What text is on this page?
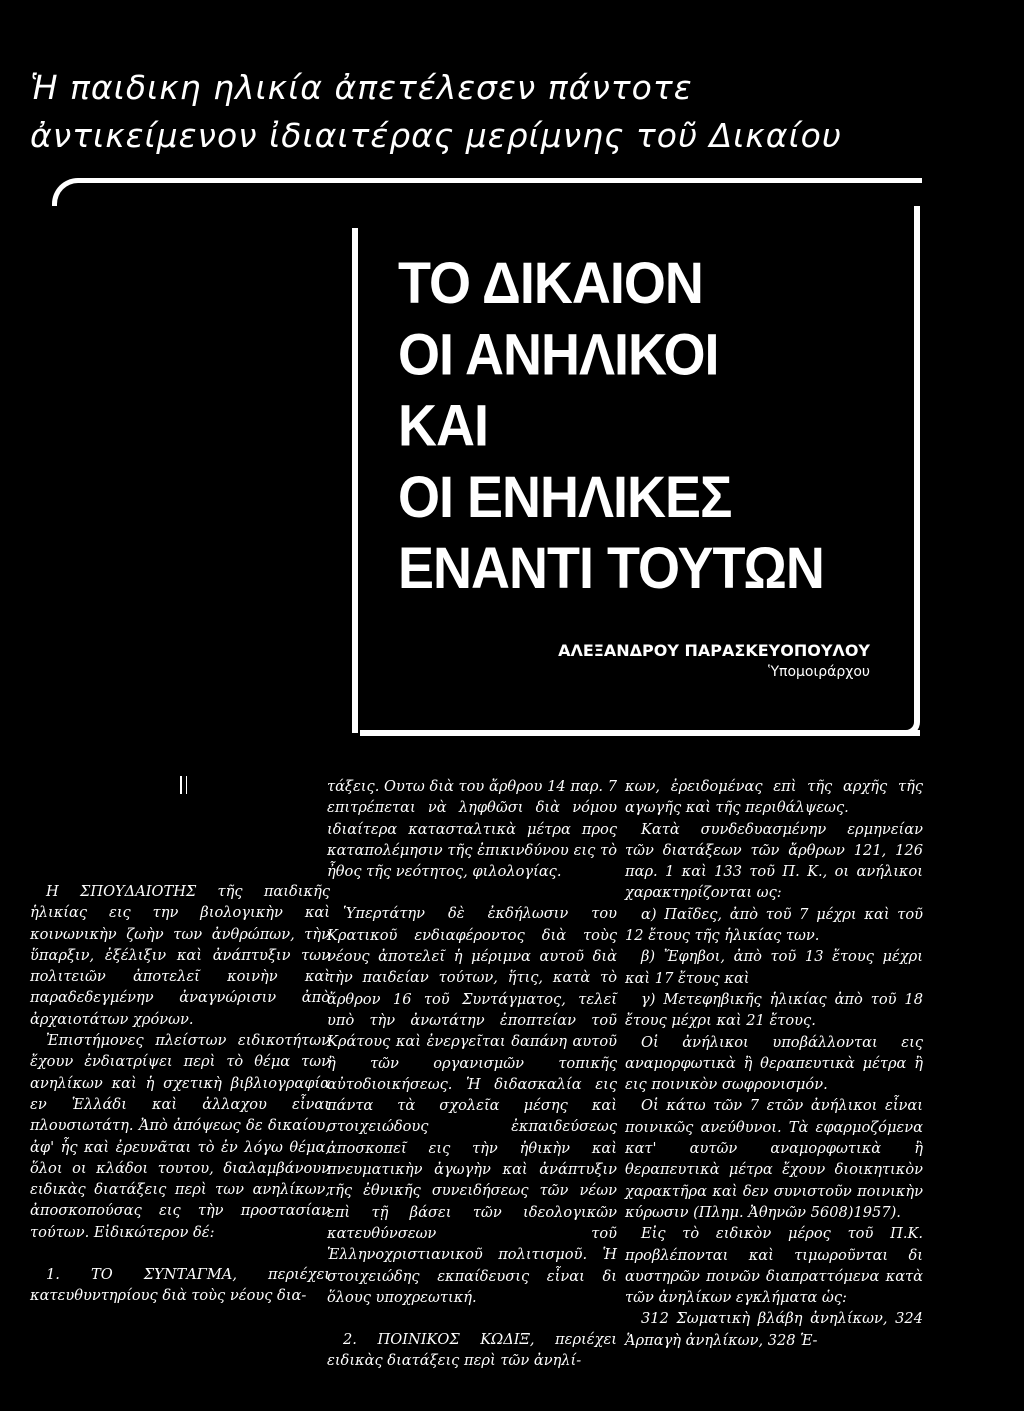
Ἡ παιδικη ηλικία ἀπετέλεσεν πάντοτε
ἀντικείμενον ἰδιαιτέρας μερίμνης τοῦ Δικαίου
ΤΟ ΔΙΚΑΙΟΝ
ΟΙ ΑΝΗΛΙΚΟΙ
ΚΑΙ
ΟΙ ΕΝΗΛΙΚΕΣ
ΕΝΑΝΤΙ ΤΟΥΤΩΝ
ΑΛΕΞΑΝΔΡΟΥ ΠΑΡΑΣΚΕΥΟΠΟΥΛΟΥ
Ὑπομοιράρχου

Η ΣΠΟΥΔΑΙΟΤΗΣ τῆς παιδικῆς ἡλικίας εις την βιολογικὴν καὶ κοινωνικὴν ζωὴν των ἀνθρώπων, τὴν ὕπαρξιν, ἐξέλιξιν καὶ ἀνάπτυξιν των πολιτειῶν ἀποτελεῖ κοινὴν καὶ παραδεδεγμένην ἀναγνώρισιν ἀπὸ ἀρχαιοτάτων χρόνων.

Ἐπιστήμονες πλείστων ειδικοτήτων ἔχουν ἐνδιατρίψει περὶ τὸ θέμα των ανηλίκων καὶ ἡ σχετικὴ βιβλιογραφία εν Ἑλλάδι καὶ ἀλλαχου εἶναι πλουσιωτάτη. Ἀπὸ ἀπόψεως δε δικαίου, ἀφ' ἧς καὶ ἐρευνᾶται τὸ ἐν λόγω θέμα, ὅλοι οι κλάδοι τουτου, διαλαμβάνουν ειδικὰς διατάξεις περὶ των ανηλίκων, ἀποσκοπούσας εις τὴν προστασίαν τούτων. Εἰδικώτερον δέ:

1. ΤΟ ΣΥΝΤΑΓΜΑ, περιέχει κατευθυντηρίους διὰ τοὺς νέους δια-

τάξεις. Ουτω διὰ του ἄρθρου 14 παρ. 7 επιτρέπεται νὰ ληφθῶσι διὰ νόμου ιδιαίτερα κατασταλτικὰ μέτρα προς καταπολέμησιν τῆς ἐπικινδύνου εις τὸ ἦθος τῆς νεότητος, φιλολογίας.

Ὑπερτάτην δὲ ἐκδήλωσιν του Κρατικοῦ ενδιαφέροντος διὰ τοὺς νέους ἀποτελεῖ ἡ μέριμνα αυτοῦ διὰ τὴν παιδείαν τούτων, ἥτις, κατὰ τὸ ἄρθρον 16 τοῦ Συντάγματος, τελεῖ υπὸ τὴν ἀνωτάτην ἐποπτείαν τοῦ Κράτους καὶ ἐνεργεῖται δαπάνη αυτοῦ ἢ τῶν οργανισμῶν τοπικῆς αὐτοδιοικήσεως. Ἡ διδασκαλία εις πάντα τὰ σχολεῖα μέσης καὶ στοιχειώδους ἐκπαιδεύσεως ἀποσκοπεῖ εις τὴν ἠθικὴν καὶ πνευματικὴν ἀγωγὴν καὶ ἀνάπτυξιν τῆς ἐθνικῆς συνειδήσεως τῶν νέων επὶ τῇ βάσει τῶν ιδεολογικῶν κατευθύνσεων τοῦ Ἑλληνοχριστιανικοῦ πολιτισμοῦ. Ἡ στοιχειώδης εκπαίδευσις εἶναι δι ὅλους υποχρεωτική.

2. ΠΟΙΝΙΚΟΣ ΚΩΔΙΞ, περιέχει ειδικὰς διατάξεις περὶ τῶν ἀνηλί-

κων, ἐρειδομένας επὶ τῆς αρχῆς τῆς αγωγῆς καὶ τῆς περιθάλψεως.

Κατὰ συνδεδυασμένην ερμηνείαν τῶν διατάξεων τῶν ἄρθρων 121, 126 παρ. 1 καὶ 133 τοῦ Π. Κ., οι ανήλικοι χαρακτηρίζονται ως:

α) Παῖδες, ἀπὸ τοῦ 7 μέχρι καὶ τοῦ 12 ἔτους τῆς ἡλικίας των.

β) Ἔφηβοι, ἀπὸ τοῦ 13 ἔτους μέχρι καὶ 17 ἔτους καὶ

γ) Μετεφηβικῆς ἡλικίας ἀπὸ τοῦ 18 ἔτους μέχρι καὶ 21 ἔτους.

Οἱ ἀνήλικοι υποβάλλονται εις αναμορφωτικὰ ἢ θεραπευτικὰ μέτρα ἢ εις ποινικὸν σωφρονισμόν.

Οἱ κάτω τῶν 7 ετῶν ἀνήλικοι εἶναι ποινικῶς ανεύθυνοι. Τὰ εφαρμοζόμενα κατ' αυτῶν αναμορφωτικὰ ἢ θεραπευτικὰ μέτρα ἔχουν διοικητικὸν χαρακτῆρα καὶ δεν συνιστοῦν ποινικὴν κύρωσιν (Πλημ. Ἀθηνῶν 5608)1957).

Εἰς τὸ ειδικὸν μέρος τοῦ Π.Κ. προβλέπονται καὶ τιμωροῦνται δι αυστηρῶν ποινῶν διαπραττόμενα κατὰ τῶν ἀνηλίκων εγκλήματα ὡς:

312 Σωματικὴ βλάβη ἀνηλίκων, 324 Ἁρπαγὴ ἀνηλίκων, 328 Ἑ-
